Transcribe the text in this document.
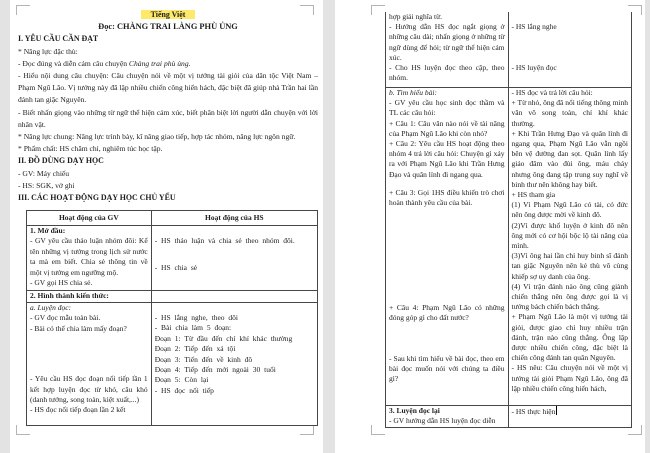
Tiếng Việt

Đọc: CHÀNG TRAI LÀNG PHÙ ỦNG

I. YÊU CẦU CẦN ĐẠT

* Năng lực đặc thù:

- Đọc đúng và diễn cảm câu chuyện Chàng trai phù ủng.

- Hiểu nội dung câu chuyện: Câu chuyện nói về một vị tướng tài giỏi của dân tộc Việt Nam – Phạm Ngũ Lão. Vị tướng này đã lập nhiều chiến công hiển hách, đặc biệt đã giúp nhà Trần hai lần đánh tan giặc Nguyên.

- Biết nhấn giọng vào những từ ngữ thể hiện cảm xúc, biết phân biệt lời người dẫn chuyện với lời nhân vật.

* Năng lực chung: Năng lực trình bày, kĩ năng giao tiếp, hợp tác nhóm, năng lực ngôn ngữ.

* Phẩm chất: HS chăm chỉ, nghiêm túc học tập.

II. ĐỒ DÙNG DẠY HỌC

- GV: Máy chiếu

- HS: SGK, vở ghi

III. CÁC HOẠT ĐỘNG DẠY HỌC CHỦ YẾU

Hoạt động của GV	Hoạt động của HS

1. Mở đầu:

- GV yêu cầu thảo luận nhóm đôi: Kể tên những vị tướng trong lịch sử nước ta mà em biết. Chia sẻ thông tin về một vị tướng em ngưỡng mộ.

- GV gọi HS chia sẻ.

- HS thảo luận và chia sẻ theo nhóm đôi.

- HS chia sẻ

2. Hình thành kiến thức:

a. Luyện đọc:

- GV đọc mẫu toàn bài.

- Bài có thể chia làm mấy đoạn?

- Yêu cầu HS đọc đoạn nối tiếp lần 1 kết hợp luyện đọc từ khó, câu khó (danh tướng, song toàn, kiệt xuất,...)

- HS đọc nối tiếp đoạn lần 2 kết

- HS lắng nghe, theo dõi

- Bài chia làm 5 đoạn:

Đoạn 1: Từ đầu đến chí khí khác thường

Đoạn 2: Tiếp đến xá tội

Đoạn 3: Tiến đến về kinh đô

Đoạn 4: Tiếp đến mới ngoài 30 tuổi

Đoạn 5: Còn lại

- HS đọc nối tiếp

hợp giải nghĩa từ.

- Hướng dẫn HS đọc ngắt giọng ở những câu dài; nhấn giọng ở những từ ngữ dùng để hỏi; từ ngữ thể hiện cảm xúc.

- Cho HS luyện đọc theo cặp, theo nhóm.

- HS lắng nghe

- HS luyện đọc

b. Tìm hiểu bài:

- GV yêu cầu học sinh đọc thầm và TL các câu hỏi:

+ Câu 1: Câu văn nào nói về tài năng của Phạm Ngũ Lão khi còn nhỏ?

+ Câu 2: Yêu cầu HS hoạt động theo nhóm 4 trả lời câu hỏi: Chuyện gì xảy ra với Phạm Ngũ Lão khi Trần Hưng Đạo và quân lính đi ngang qua.

+ Câu 3: Gọi 1HS điều khiển trò chơi hoàn thành yêu cầu của bài.

+ Câu 4: Phạm Ngũ Lão có những đóng góp gì cho đất nước?

- Sau khi tìm hiểu về bài đọc, theo em bài đọc muốn nói với chúng ta điều gì?

- HS đọc và trả lời câu hỏi:

+ Từ nhỏ, ông đã nổi tiếng thông minh văn võ song toàn, chí khí khác thường.

+ Khi Trần Hưng Đạo và quân lính đi ngang qua, Phạm Ngũ Lão vẫn ngồi bên vệ đường đan sọt. Quân lính lấy giáo đâm vào đùi ông, máu chảy nhưng ông đang tập trung suy nghĩ về binh thư nên không hay biết.

+ HS tham gia

(1) Vì Phạm Ngũ Lão có tài, có đức nên ông được mời về kinh đô.

(2)Vì được khổ luyện ở kinh đô nên ông mới có cơ hội bộc lộ tài năng của mình.

(3)Vì ông hai lần chỉ huy binh sĩ đánh tan giặc Nguyên nên kẻ thù vô cùng khiếp sợ uy danh của ông.

(4) Vì trận đánh nào ông cũng giành chiến thắng nên ông được gọi là vị tướng bách chiến bách thắng.

+ Phạm Ngũ Lão là một vị tướng tài giỏi, được giao chỉ huy nhiều trận đánh, trận nào cũng thắng. Ông lập được nhiều chiến công, đặc biệt là chiến công đánh tan quân Nguyên.

- HS nêu: Câu chuyện nói về một vị tướng tài giỏi Phạm Ngũ Lão, ông đã lập nhiều chiến công hiển hách,

3. Luyện đọc lại

- GV hướng dẫn HS luyện đọc diễn

- HS thực hiện
